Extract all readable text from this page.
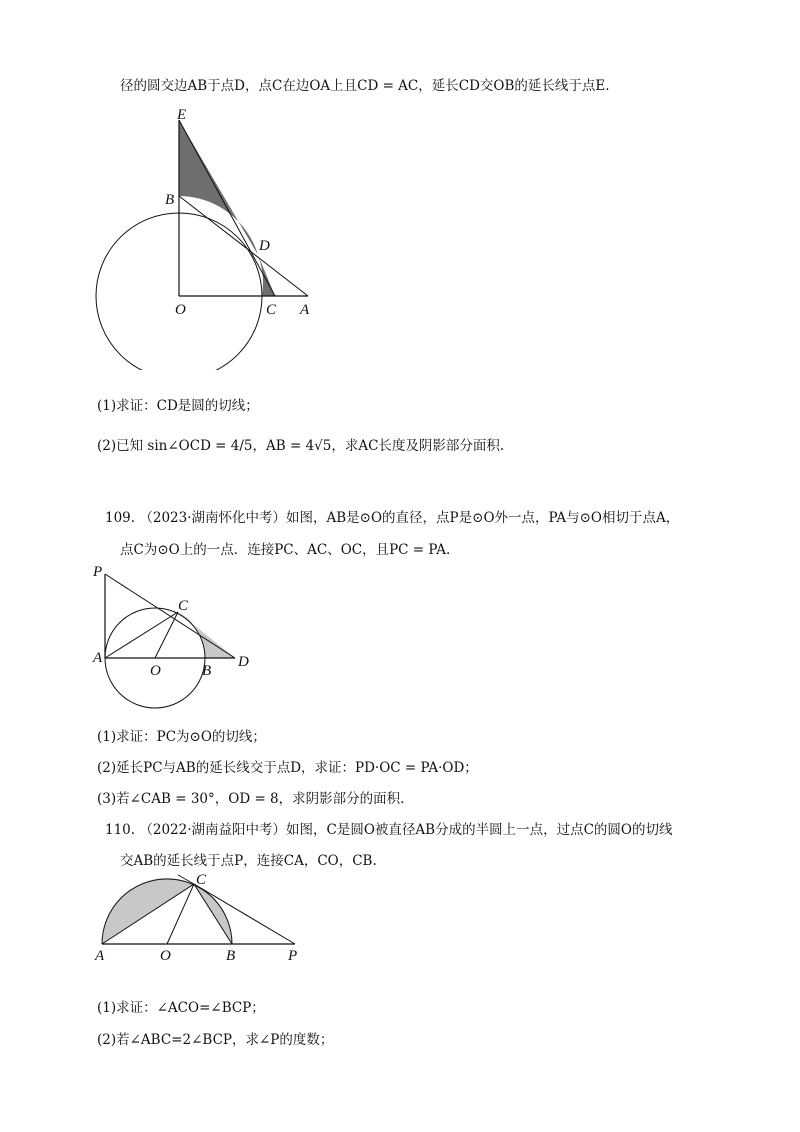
径的圆交边AB于点D，点C在边OA上且CD = AC，延长CD交OB的延长线于点E.
E
B
D
O	C A
(1)求证：CD是圆的切线；
(2)已知 sin∠OCD = 4/5，AB = 4√5，求AC长度及阴影部分面积.
109. （2023·湖南怀化中考）如图，AB是⊙O的直径，点P是⊙O外一点，PA与⊙O相切于点A，
点C为⊙O上的一点．连接PC、AC、OC，且PC = PA.
P
C
A
O	B
D
(1)求证：PC为⊙O的切线；
(2)延长PC与AB的延长线交于点D，求证：PD·OC = PA·OD；
(3)若∠CAB = 30°，OD = 8，求阴影部分的面积.
110. （2022·湖南益阳中考）如图，C是圆O被直径AB分成的半圆上一点，过点C的圆O的切线
交AB的延长线于点P，连接CA，CO，CB.
C
A	O	B	P
(1)求证：∠ACO=∠BCP；
(2)若∠ABC=2∠BCP，求∠P的度数；
